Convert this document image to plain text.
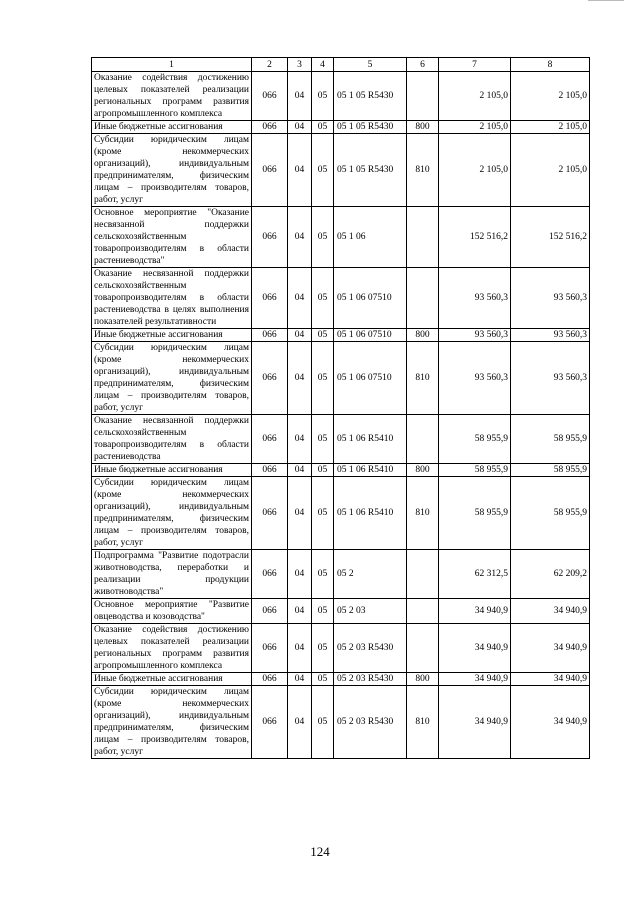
1	2	3	4	5	6	7	8
Оказание содействия достижению целевых показателей реализации региональных программ развития агропромышленного комплекса	066	04	05	05 1 05 R5430		2 105,0	2 105,0
Иные бюджетные ассигнования	066	04	05	05 1 05 R5430	800	2 105,0	2 105,0
Субсидии юридическим лицам (кроме некоммерческих организаций), индивидуальным предпринимателям, физическим лицам – производителям товаров, работ, услуг	066	04	05	05 1 05 R5430	810	2 105,0	2 105,0
Основное мероприятие "Оказание несвязанной поддержки сельскохозяйственным товаропроизводителям в области растениеводства"	066	04	05	05 1 06		152 516,2	152 516,2
Оказание несвязанной поддержки сельскохозяйственным товаропроизводителям в области растениеводства в целях выполнения показателей результативности	066	04	05	05 1 06 07510		93 560,3	93 560,3
Иные бюджетные ассигнования	066	04	05	05 1 06 07510	800	93 560,3	93 560,3
Субсидии юридическим лицам (кроме некоммерческих организаций), индивидуальным предпринимателям, физическим лицам – производителям товаров, работ, услуг	066	04	05	05 1 06 07510	810	93 560,3	93 560,3
Оказание несвязанной поддержки сельскохозяйственным товаропроизводителям в области растениеводства	066	04	05	05 1 06 R5410		58 955,9	58 955,9
Иные бюджетные ассигнования	066	04	05	05 1 06 R5410	800	58 955,9	58 955,9
Субсидии юридическим лицам (кроме некоммерческих организаций), индивидуальным предпринимателям, физическим лицам – производителям товаров, работ, услуг	066	04	05	05 1 06 R5410	810	58 955,9	58 955,9
Подпрограмма "Развитие подотрасли животноводства, переработки и реализации продукции животноводства"	066	04	05	05 2		62 312,5	62 209,2
Основное мероприятие "Развитие овцеводства и козоводства"	066	04	05	05 2 03		34 940,9	34 940,9
Оказание содействия достижению целевых показателей реализации региональных программ развития агропромышленного комплекса	066	04	05	05 2 03 R5430		34 940,9	34 940,9
Иные бюджетные ассигнования	066	04	05	05 2 03 R5430	800	34 940,9	34 940,9
Субсидии юридическим лицам (кроме некоммерческих организаций), индивидуальным предпринимателям, физическим лицам – производителям товаров, работ, услуг	066	04	05	05 2 03 R5430	810	34 940,9	34 940,9
124
